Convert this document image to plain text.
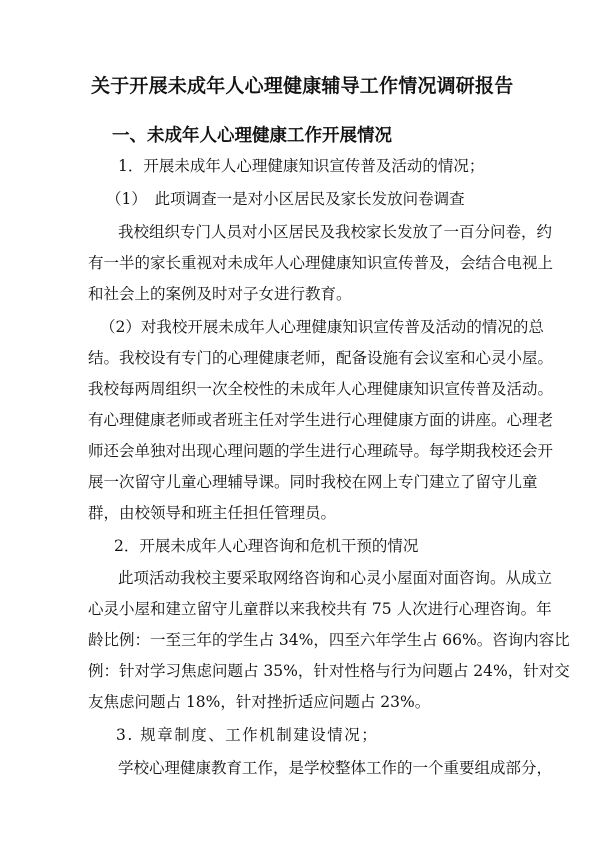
关于开展未成年人心理健康辅导工作情况调研报告
一、未成年人心理健康工作开展情况
1．开展未成年人心理健康知识宣传普及活动的情况；
（1）　此项调查一是对小区居民及家长发放问卷调查
我校组织专门人员对小区居民及我校家长发放了一百分问卷，约
有一半的家长重视对未成年人心理健康知识宣传普及，会结合电视上
和社会上的案例及时对子女进行教育。
（2）对我校开展未成年人心理健康知识宣传普及活动的情况的总
结。我校设有专门的心理健康老师，配备设施有会议室和心灵小屋。
我校每两周组织一次全校性的未成年人心理健康知识宣传普及活动。
有心理健康老师或者班主任对学生进行心理健康方面的讲座。心理老
师还会单独对出现心理问题的学生进行心理疏导。每学期我校还会开
展一次留守儿童心理辅导课。同时我校在网上专门建立了留守儿童
群，由校领导和班主任担任管理员。
2．开展未成年人心理咨询和危机干预的情况
此项活动我校主要采取网络咨询和心灵小屋面对面咨询。从成立
心灵小屋和建立留守儿童群以来我校共有 75 人次进行心理咨询。年
龄比例：一至三年的学生占 34%，四至六年学生占 66%。咨询内容比
例：针对学习焦虑问题占 35%，针对性格与行为问题占 24%，针对交
友焦虑问题占 18%，针对挫折适应问题占 23%。
3. 规章制度、工作机制建设情况；
学校心理健康教育工作，是学校整体工作的一个重要组成部分，
